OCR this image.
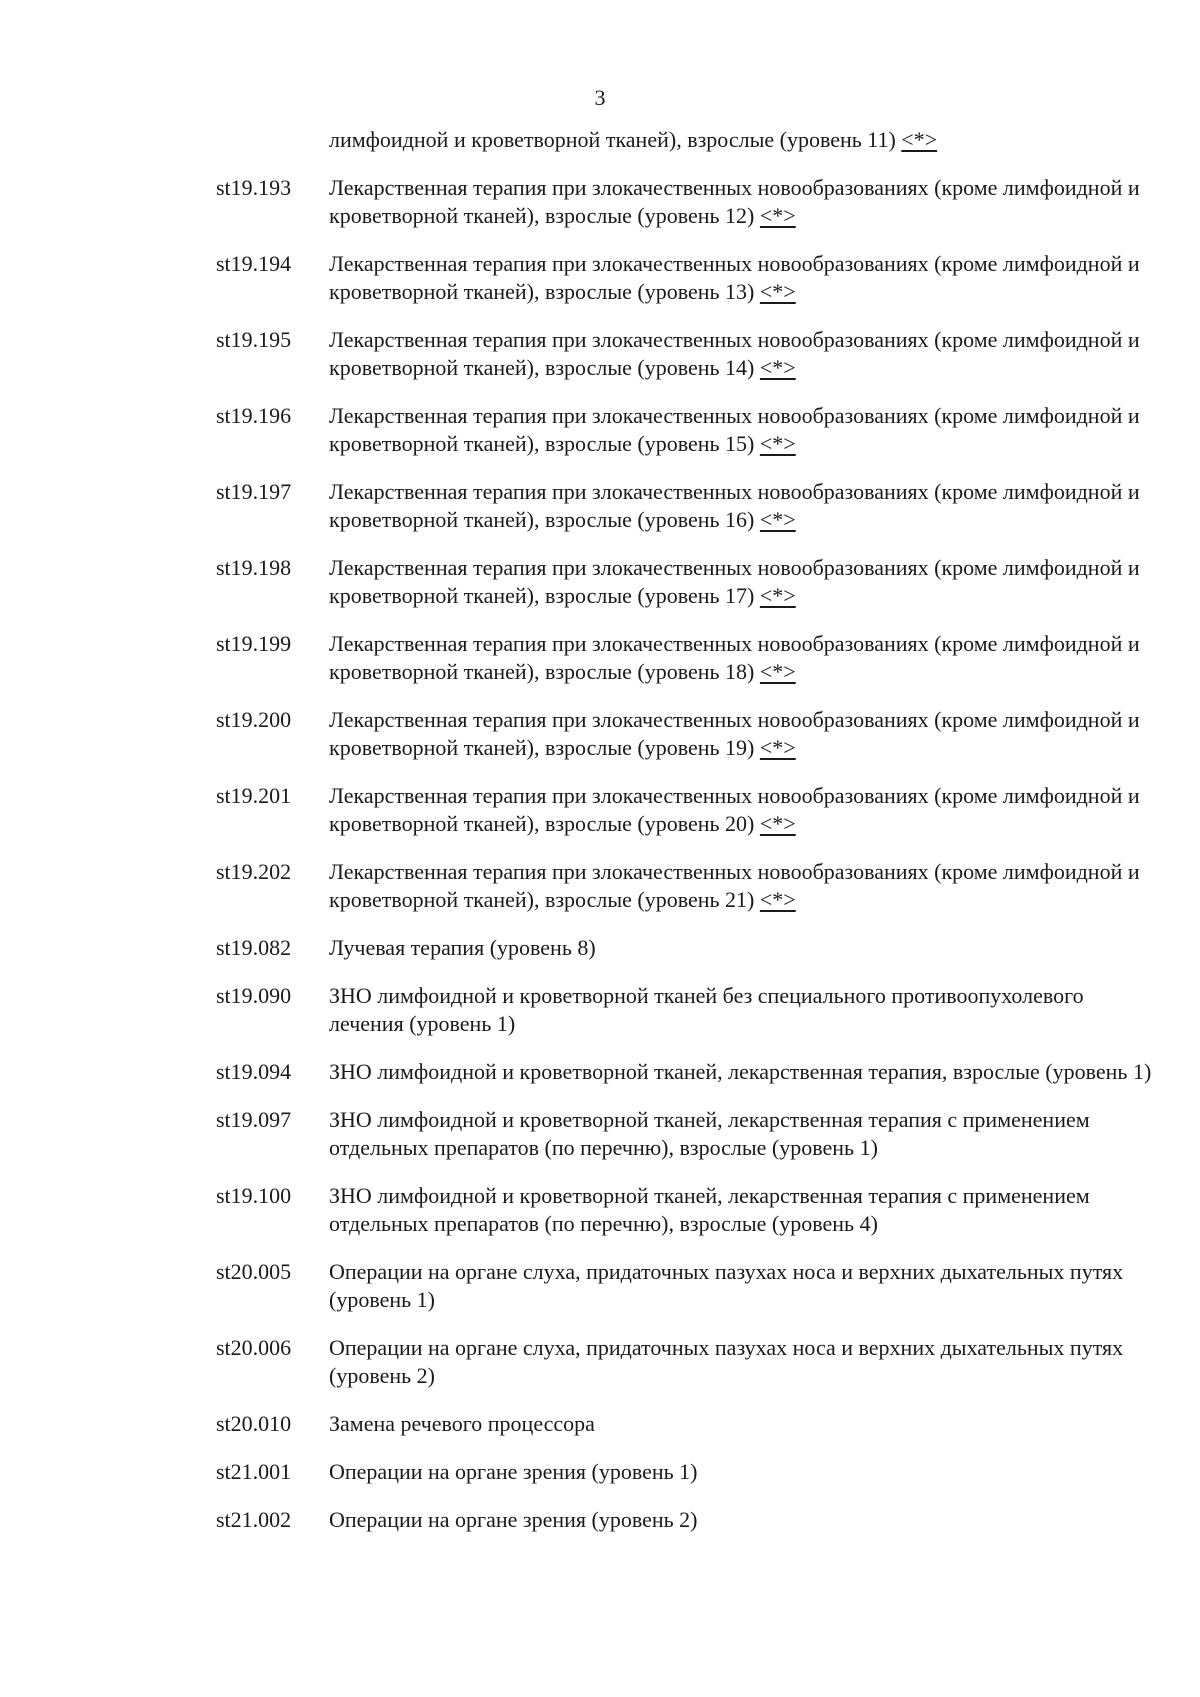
3
лимфоидной и кроветворной тканей), взрослые (уровень 11) <*>
st19.193	Лекарственная терапия при злокачественных новообразованиях (кроме лимфоидной и кроветворной тканей), взрослые (уровень 12) <*>
st19.194	Лекарственная терапия при злокачественных новообразованиях (кроме лимфоидной и кроветворной тканей), взрослые (уровень 13) <*>
st19.195	Лекарственная терапия при злокачественных новообразованиях (кроме лимфоидной и кроветворной тканей), взрослые (уровень 14) <*>
st19.196	Лекарственная терапия при злокачественных новообразованиях (кроме лимфоидной и кроветворной тканей), взрослые (уровень 15) <*>
st19.197	Лекарственная терапия при злокачественных новообразованиях (кроме лимфоидной и кроветворной тканей), взрослые (уровень 16) <*>
st19.198	Лекарственная терапия при злокачественных новообразованиях (кроме лимфоидной и кроветворной тканей), взрослые (уровень 17) <*>
st19.199	Лекарственная терапия при злокачественных новообразованиях (кроме лимфоидной и кроветворной тканей), взрослые (уровень 18) <*>
st19.200	Лекарственная терапия при злокачественных новообразованиях (кроме лимфоидной и кроветворной тканей), взрослые (уровень 19) <*>
st19.201	Лекарственная терапия при злокачественных новообразованиях (кроме лимфоидной и кроветворной тканей), взрослые (уровень 20) <*>
st19.202	Лекарственная терапия при злокачественных новообразованиях (кроме лимфоидной и кроветворной тканей), взрослые (уровень 21) <*>
st19.082	Лучевая терапия (уровень 8)
st19.090	ЗНО лимфоидной и кроветворной тканей без специального противоопухолевого лечения (уровень 1)
st19.094	ЗНО лимфоидной и кроветворной тканей, лекарственная терапия, взрослые (уровень 1)
st19.097	ЗНО лимфоидной и кроветворной тканей, лекарственная терапия с применением отдельных препаратов (по перечню), взрослые (уровень 1)
st19.100	ЗНО лимфоидной и кроветворной тканей, лекарственная терапия с применением отдельных препаратов (по перечню), взрослые (уровень 4)
st20.005	Операции на органе слуха, придаточных пазухах носа и верхних дыхательных путях (уровень 1)
st20.006	Операции на органе слуха, придаточных пазухах носа и верхних дыхательных путях (уровень 2)
st20.010	Замена речевого процессора
st21.001	Операции на органе зрения (уровень 1)
st21.002	Операции на органе зрения (уровень 2)
